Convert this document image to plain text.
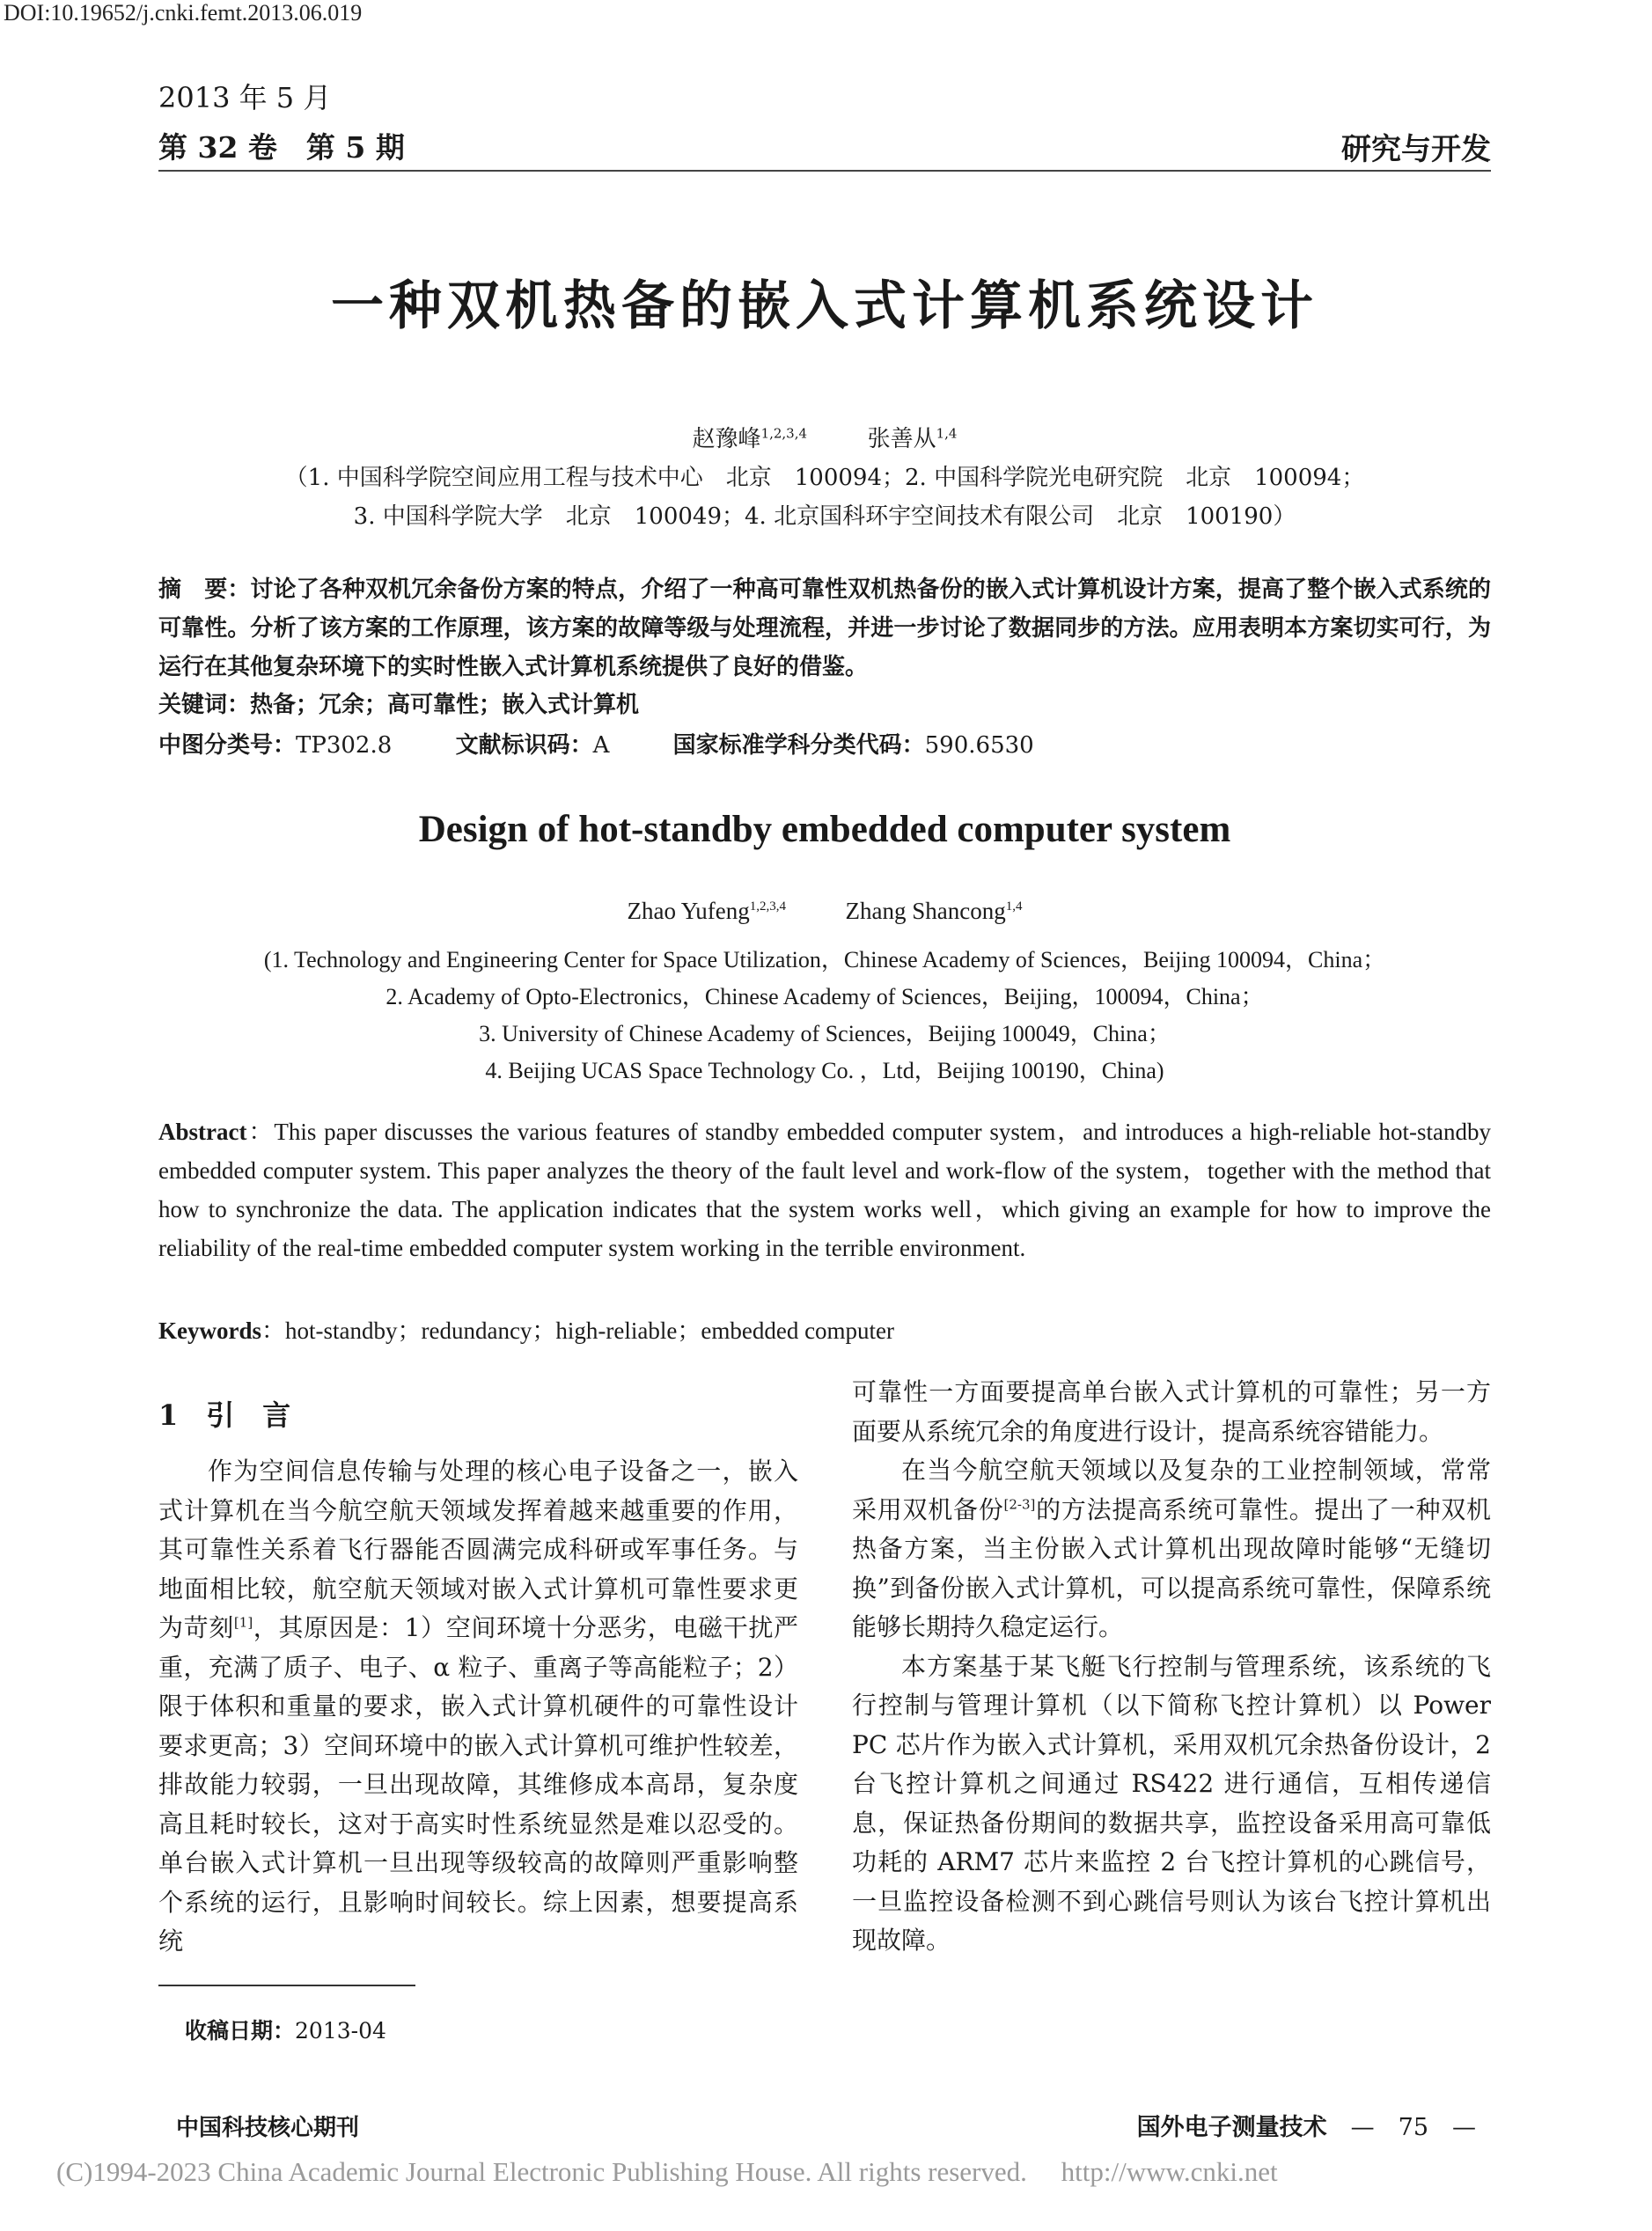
DOI:10.19652/j.cnki.femt.2013.06.019
2013 年 5 月
第 32 卷　第 5 期	研究与开发
一种双机热备的嵌入式计算机系统设计
赵豫峰$^{1,2,3,4}$   	张善从$^{1,4}$
（1. 中国科学院空间应用工程与技术中心　北京　100094；2. 中国科学院光电研究院　北京　100094；
3. 中国科学院大学　北京　100049；4. 北京国科环宇空间技术有限公司　北京　100190）
摘　要：讨论了各种双机冗余备份方案的特点，介绍了一种高可靠性双机热备份的嵌入式计算机设计方案，提高了整个嵌入式系统的可靠性。分析了该方案的工作原理，该方案的故障等级与处理流程，并进一步讨论了数据同步的方法。应用表明本方案切实可行，为运行在其他复杂环境下的实时性嵌入式计算机系统提供了良好的借鉴。
关键词：热备；冗余；高可靠性；嵌入式计算机
中图分类号：TP302.8	文献标识码：A	国家标准学科分类代码：590.6530
Design of hot-standby embedded computer system
Zhao Yufeng$^{1,2,3,4}$   	Zhang Shancong$^{1,4}$
(1. Technology and Engineering Center for Space Utilization，Chinese Academy of Sciences，Beijing 100094，China；
2. Academy of Opto-Electronics，Chinese Academy of Sciences，Beijing，100094，China；
3. University of Chinese Academy of Sciences，Beijing 100049，China；
4. Beijing UCAS Space Technology Co. ，Ltd，Beijing 100190，China)
Abstract：This paper discusses the various features of standby embedded computer system，and introduces a high-reliable hot-standby embedded computer system. This paper analyzes the theory of the fault level and work-flow of the system，together with the method that how to synchronize the data. The application indicates that the system works well，which giving an example for how to improve the reliability of the real-time embedded computer system working in the terrible environment.
Keywords：hot-standby；redundancy；high-reliable；embedded computer
1　引　言

作为空间信息传输与处理的核心电子设备之一，嵌入式计算机在当今航空航天领域发挥着越来越重要的作用，其可靠性关系着飞行器能否圆满完成科研或军事任务。与地面相比较，航空航天领域对嵌入式计算机可靠性要求更为苛刻[1]，其原因是：1）空间环境十分恶劣，电磁干扰严重，充满了质子、电子、α 粒子、重离子等高能粒子；2）限于体积和重量的要求，嵌入式计算机硬件的可靠性设计要求更高；3）空间环境中的嵌入式计算机可维护性较差，排故能力较弱，一旦出现故障，其维修成本高昂，复杂度高且耗时较长，这对于高实时性系统显然是难以忍受的。单台嵌入式计算机一旦出现等级较高的故障则严重影响整个系统的运行，且影响时间较长。综上因素，想要提高系统

可靠性一方面要提高单台嵌入式计算机的可靠性；另一方面要从系统冗余的角度进行设计，提高系统容错能力。

在当今航空航天领域以及复杂的工业控制领域，常常采用双机备份[2-3]的方法提高系统可靠性。提出了一种双机热备方案，当主份嵌入式计算机出现故障时能够“无缝切换”到备份嵌入式计算机，可以提高系统可靠性，保障系统能够长期持久稳定运行。

本方案基于某飞艇飞行控制与管理系统，该系统的飞行控制与管理计算机（以下简称飞控计算机）以 Power PC 芯片作为嵌入式计算机，采用双机冗余热备份设计，2 台飞控计算机之间通过 RS422 进行通信，互相传递信息，保证热备份期间的数据共享，监控设备采用高可靠低功耗的 ARM7 芯片来监控 2 台飞控计算机的心跳信号，一旦监控设备检测不到心跳信号则认为该台飞控计算机出现故障。

收稿日期：2013-04
中国科技核心期刊	国外电子测量技术  —　75　—
(C)1994-2023 China Academic Journal Electronic Publishing House. All rights reserved.　 http://www.cnki.net
